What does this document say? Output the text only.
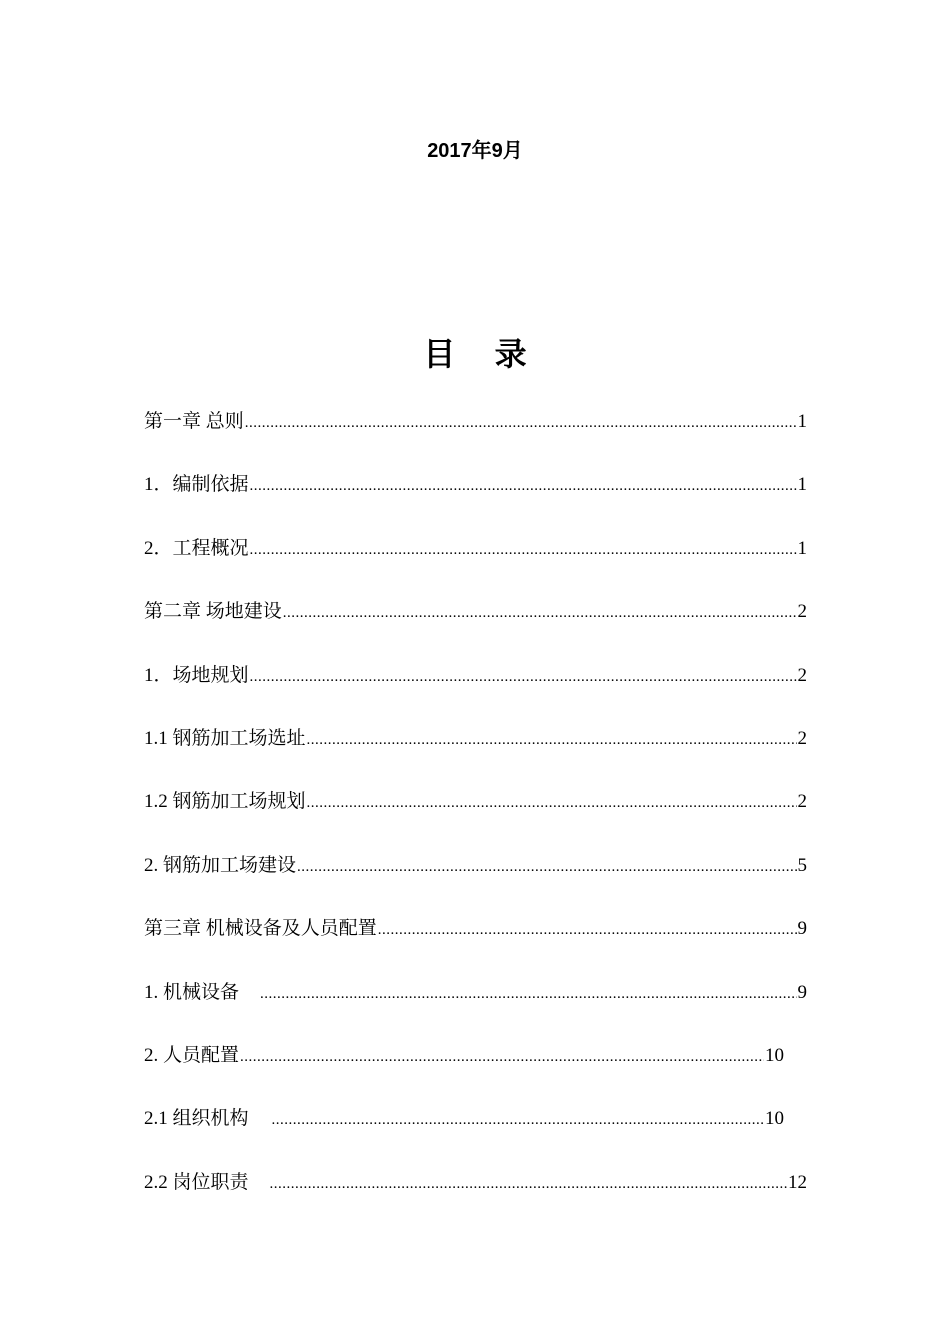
2017年9月
目 录
第一章 总则 .....	1
1．编制依据 .....	1
2．工程概况 .....	1
第二章 场地建设 .....	2
1．场地规划 .....	2
1.1 钢筋加工场选址 .....	2
1.2 钢筋加工场规划 .....	2
2. 钢筋加工场建设 .....	5
第三章 机械设备及人员配置 .....	9
1. 机械设备 .....	9
2. 人员配置 .....	10
2.1 组织机构 .....	10
2.2 岗位职责 .....	12
